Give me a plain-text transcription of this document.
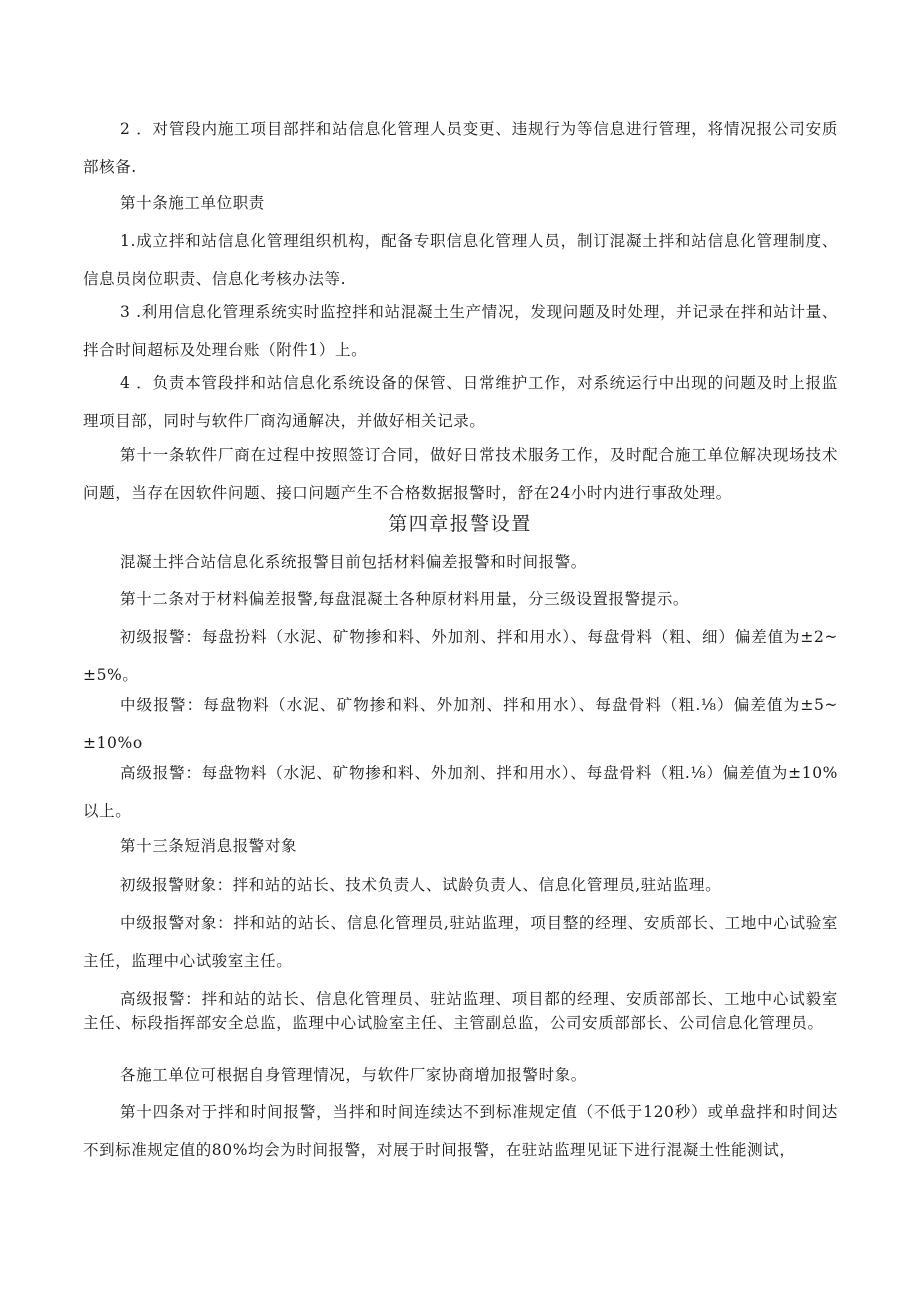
2 ．对管段内施工项目部拌和站信息化管理人员变更、违规行为等信息进行管理，将情况报公司安质部核备.

第十条施工单位职责

1.成立拌和站信息化管理组织机构，配备专职信息化管理人员，制订混凝土拌和站信息化管理制度、信息员岗位职责、信息化考核办法等.

3 .利用信息化管理系统实时监控拌和站混凝土生产情况，发现问题及时处理，并记录在拌和站计量、拌合时间超标及处理台账（附件1）上。

4 ．负责本管段拌和站信息化系统设备的保管、日常维护工作，对系统运行中出现的问题及时上报监理项目部，同时与软件厂商沟通解决，并做好相关记录。

第十一条软件厂商在过程中按照签订合同，做好日常技术服务工作，及时配合施工单位解决现场技术问题，当存在因软件问题、接口问题产生不合格数据报警时，舒在24小时内进行事敌处理。

第四章报警设置

混凝土拌合站信息化系统报警目前包括材料偏差报警和时间报警。

第十二条对于材料偏差报警,每盘混凝土各种原材料用量，分三级设置报警提示。

初级报警：每盘扮料（水泥、矿物掺和料、外加剂、拌和用水）、每盘骨料（粗、细）偏差值为±2~±5%。

中级报警：每盘物料（水泥、矿物掺和料、外加剂、拌和用水）、每盘骨料（粗.⅛）偏差值为±5~±10%o

高级报警：每盘物料（水泥、矿物掺和料、外加剂、拌和用水）、每盘骨料（粗.⅛）偏差值为±10%以上。

第十三条短消息报警对象

初级报警财象：拌和站的站长、技术负责人、试龄负责人、信息化管理员,驻站监理。

中级报警对象：拌和站的站长、信息化管理员,驻站监理，项目整的经理、安质部长、工地中心试验室主任，监理中心试骏室主任。

高级报警：拌和站的站长、信息化管理员、驻站监理、项目都的经理、安质部部长、工地中心试毅室主任、标段指挥部安全总监，监理中心试脸室主任、主管副总监，公司安质部部长、公司信息化管理员。

各施工单位可根据自身管理情况，与软件厂家协商增加报警时象。

第十四条对于拌和时间报警，当拌和时间连续达不到标准规定值（不低于120秒）或单盘拌和时间达不到标准规定值的80%均会为时间报警，对展于时间报警，在驻站监理见证下进行混凝土性能测试，
